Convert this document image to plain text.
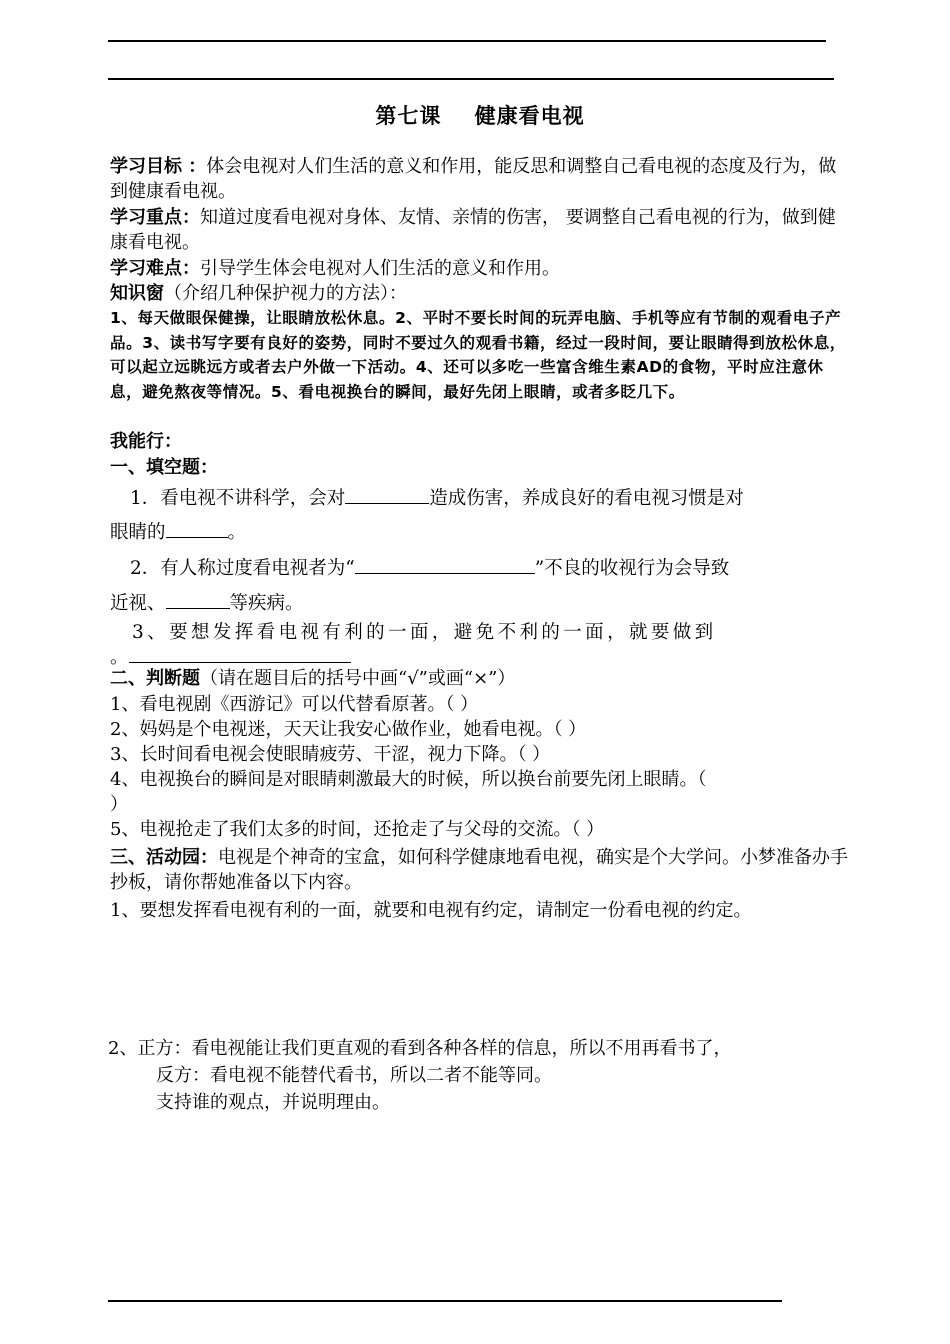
第七课    健康看电视
学习目标 ：体会电视对人们生活的意义和作用，能反思和调整自己看电视的态度及行为，做到健康看电视。
学习重点：知道过度看电视对身体、友情、亲情的伤害， 要调整自己看电视的行为，做到健康看电视。
学习难点：引导学生体会电视对人们生活的意义和作用。
知识窗（介绍几种保护视力的方法）：
1、每天做眼保健操，让眼睛放松休息。2、平时不要长时间的玩弄电脑、手机等应有节制的观看电子产品。3、读书写字要有良好的姿势，同时不要过久的观看书籍，经过一段时间，要让眼睛得到放松休息，可以起立远眺远方或者去户外做一下活动。4、还可以多吃一些富含维生素AD的食物，平时应注意休息，避免熬夜等情况。5、看电视换台的瞬间，最好先闭上眼睛，或者多眨几下。
我能行：
一、填空题：
1．看电视不讲科学，会对	造成伤害，养成良好的看电视习惯是对
眼睛的	。
2．有人称过度看电视者为“	”不良的收视行为会导致
近视、	等疾病。
3、要想发挥看电视有利的一面，避免不利的一面，就要做到
。
二、判断题（请在题目后的括号中画“√”或画“×”）
1、看电视剧《西游记》可以代替看原著。（ ）
2、妈妈是个电视迷，天天让我安心做作业，她看电视。（ ）
3、长时间看电视会使眼睛疲劳、干涩，视力下降。（ ）
4、电视换台的瞬间是对眼睛刺激最大的时候，所以换台前要先闭上眼睛。（
）
5、电视抢走了我们太多的时间，还抢走了与父母的交流。（ ）
三、活动园：电视是个神奇的宝盒，如何科学健康地看电视，确实是个大学问。小梦准备办手抄板，请你帮她准备以下内容。
1、要想发挥看电视有利的一面，就要和电视有约定，请制定一份看电视的约定。
2、正方：看电视能让我们更直观的看到各种各样的信息，所以不用再看书了，
反方：看电视不能替代看书，所以二者不能等同。
支持谁的观点，并说明理由。
